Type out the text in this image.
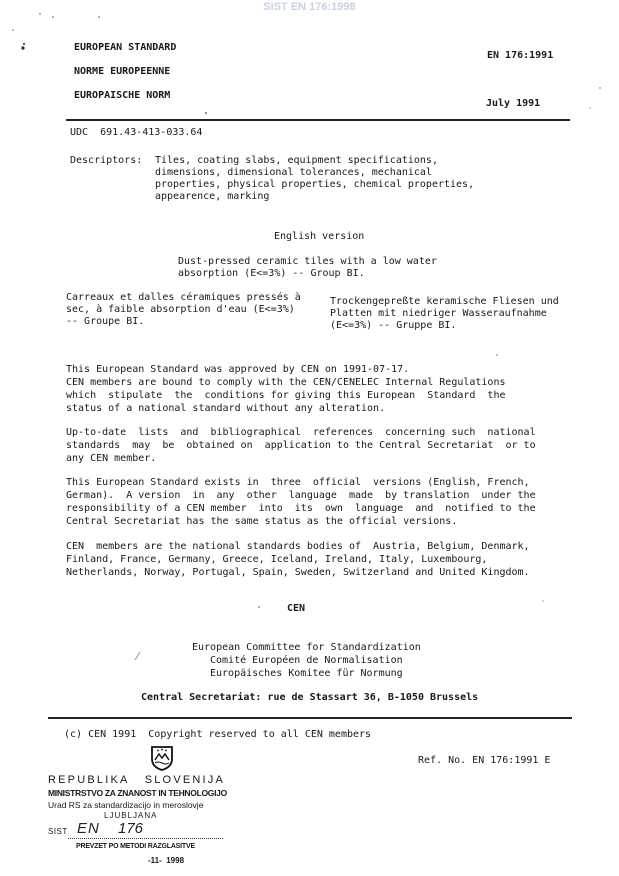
SIST EN 176:1998
EUROPEAN STANDARD
NORME EUROPEENNE
EUROPAISCHE NORM
EN 176:1991
July 1991
UDC  691.43-413-033.64
Descriptors: Tiles, coating slabs, equipment specifications,
dimensions, dimensional tolerances, mechanical
properties, physical properties, chemical properties,
appearence, marking
English version
Dust-pressed ceramic tiles with a low water
absorption (E<=3%) -- Group BI.
Carreaux et dalles céramiques pressés à
sec, à faible absorption d'eau (E<=3%)
-- Groupe BI.
Trockengepreßte keramische Fliesen und
Platten mit niedriger Wasseraufnahme
(E<=3%) -- Gruppe BI.
This European Standard was approved by CEN on 1991-07-17.
CEN members are bound to comply with the CEN/CENELEC Internal Regulations
which  stipulate  the  conditions for giving this European  Standard  the
status of a national standard without any alteration.
Up-to-date  lists  and  bibliographical  references  concerning such  national
standards  may  be  obtained on  application to the Central Secretariat  or to
any CEN member.
This European Standard exists in  three  official  versions (English, French,
German).  A version  in  any  other  language  made  by translation  under the
responsibility of a CEN member  into  its  own  language  and  notified to the
Central Secretariat has the same status as the official versions.
CEN  members are the national standards bodies of  Austria, Belgium, Denmark,
Finland, France, Germany, Greece, Iceland, Ireland, Italy, Luxembourg,
Netherlands, Norway, Portugal, Spain, Sweden, Switzerland and United Kingdom.
CEN
European Committee for Standardization
Comité Européen de Normalisation
Europäisches Komitee für Normung
Central Secretariat: rue de Stassart 36, B-1050 Brussels
(c) CEN 1991  Copyright reserved to all CEN members
Ref. No. EN 176:1991 E
REPUBLIKA   SLOVENIJA
MINISTRSTVO ZA ZNANOST IN TEHNOLOGIJO
Urad RS za standardizacijo in meroslovje
LJUBLJANA
SIST EN 176
PREVZET PO METODI RAZGLASITVE
-11-  1998
